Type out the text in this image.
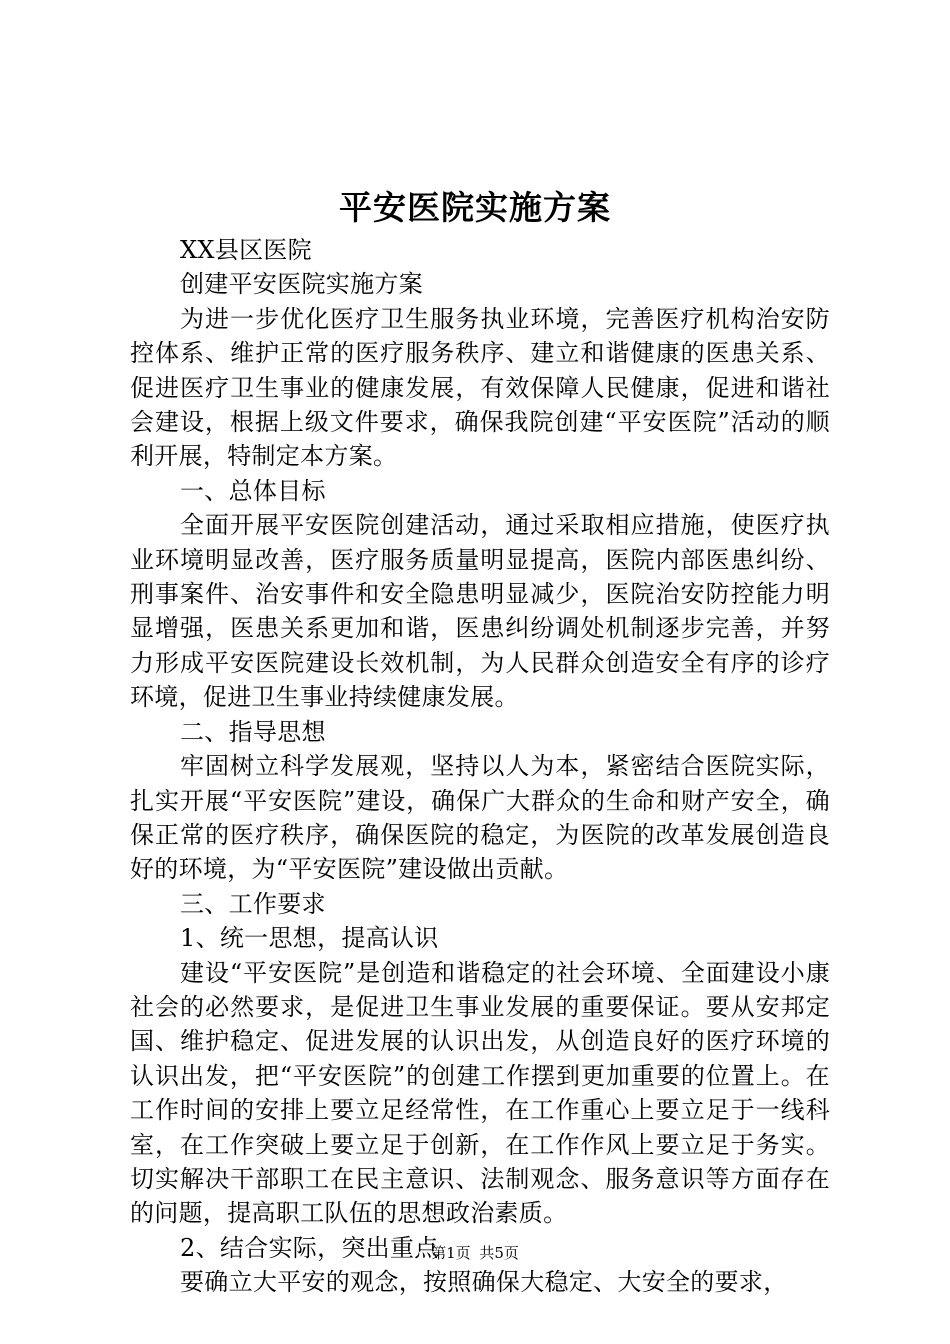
平安医院实施方案

XX县区医院

创建平安医院实施方案

为进一步优化医疗卫生服务执业环境，完善医疗机构治安防控体系、维护正常的医疗服务秩序、建立和谐健康的医患关系、促进医疗卫生事业的健康发展，有效保障人民健康，促进和谐社会建设，根据上级文件要求，确保我院创建“平安医院”活动的顺利开展，特制定本方案。

一、总体目标

全面开展平安医院创建活动，通过采取相应措施，使医疗执业环境明显改善，医疗服务质量明显提高，医院内部医患纠纷、刑事案件、治安事件和安全隐患明显减少，医院治安防控能力明显增强，医患关系更加和谐，医患纠纷调处机制逐步完善，并努力形成平安医院建设长效机制，为人民群众创造安全有序的诊疗环境，促进卫生事业持续健康发展。

二、指导思想

牢固树立科学发展观，坚持以人为本，紧密结合医院实际，扎实开展“平安医院”建设，确保广大群众的生命和财产安全，确保正常的医疗秩序，确保医院的稳定，为医院的改革发展创造良好的环境，为“平安医院”建设做出贡献。

三、工作要求

1、统一思想，提高认识

建设“平安医院”是创造和谐稳定的社会环境、全面建设小康社会的必然要求，是促进卫生事业发展的重要保证。要从安邦定国、维护稳定、促进发展的认识出发，从创造良好的医疗环境的认识出发，把“平安医院”的创建工作摆到更加重要的位置上。在工作时间的安排上要立足经常性，在工作重心上要立足于一线科室，在工作突破上要立足于创新，在工作作风上要立足于务实。切实解决干部职工在民主意识、法制观念、服务意识等方面存在的问题，提高职工队伍的思想政治素质。

2、结合实际，突出重点

要确立大平安的观念，按照确保大稳定、大安全的要求，

第1页 共5页
